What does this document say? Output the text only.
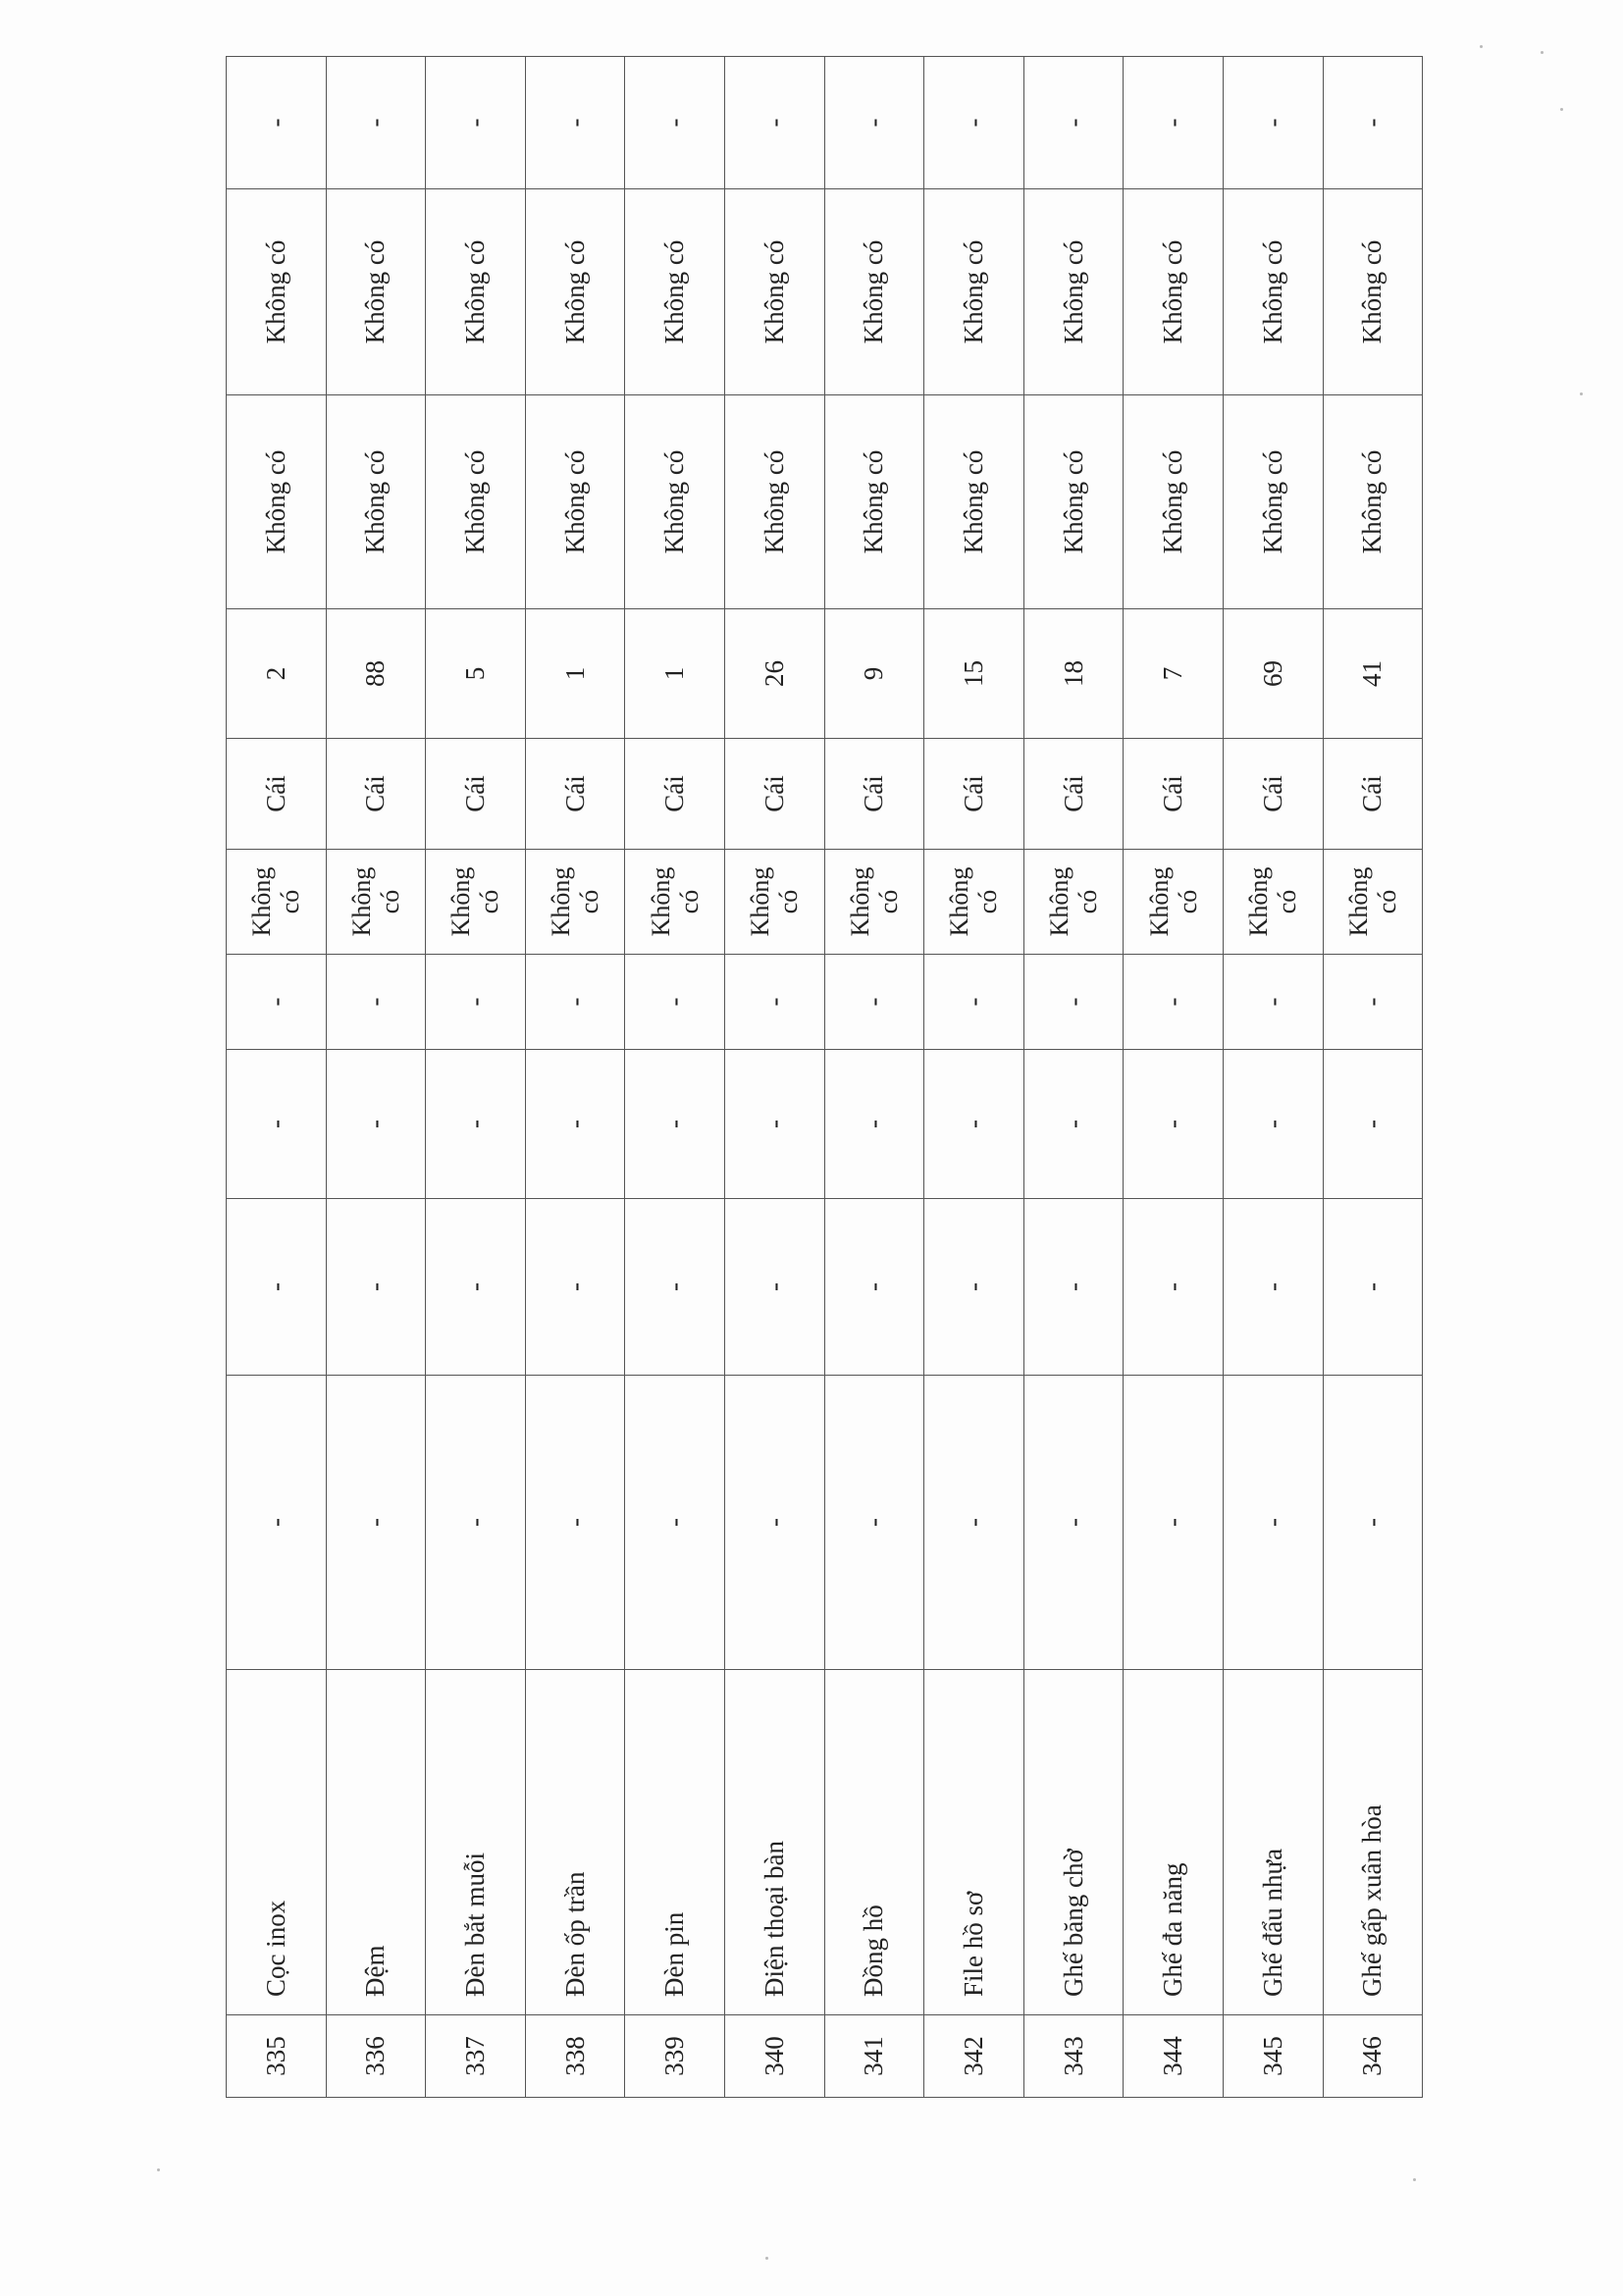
335	Cọc inox	-	-	-	-	Không có	Cái	2	Không có	Không có	-
336	Đệm	-	-	-	-	Không có	Cái	88	Không có	Không có	-
337	Đèn bắt muỗi	-	-	-	-	Không có	Cái	5	Không có	Không có	-
338	Đèn ốp trần	-	-	-	-	Không có	Cái	1	Không có	Không có	-
339	Đèn pin	-	-	-	-	Không có	Cái	1	Không có	Không có	-
340	Điện thoại bàn	-	-	-	-	Không có	Cái	26	Không có	Không có	-
341	Đồng hồ	-	-	-	-	Không có	Cái	9	Không có	Không có	-
342	File hồ sơ	-	-	-	-	Không có	Cái	15	Không có	Không có	-
343	Ghế băng chờ	-	-	-	-	Không có	Cái	18	Không có	Không có	-
344	Ghế đa năng	-	-	-	-	Không có	Cái	7	Không có	Không có	-
345	Ghế đẩu nhựa	-	-	-	-	Không có	Cái	69	Không có	Không có	-
346	Ghế gấp xuân hòa	-	-	-	-	Không có	Cái	41	Không có	Không có	-
